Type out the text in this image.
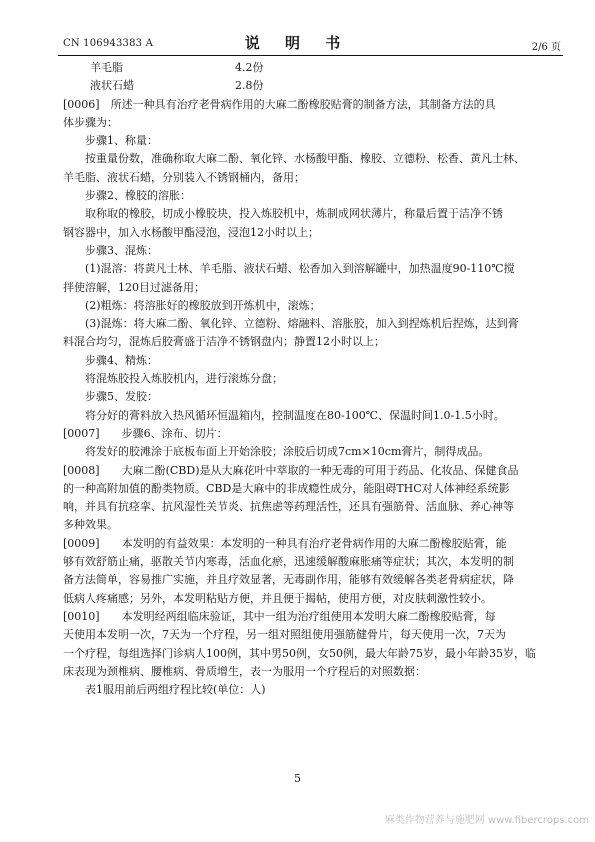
CN 106943383 A	说 明 书	2/6 页
羊毛脂	4.2份
液状石蜡	2.8份
[0006]　所述一种具有治疗老骨病作用的大麻二酚橡胶贴膏的制备方法，其制备方法的具
体步骤为：
　　步骤1、称量：
　　按重量份数，准确称取大麻二酚、氧化锌、水杨酸甲酯、橡胶、立德粉、松香、黄凡士林、
羊毛脂、液状石蜡，分别装入不锈钢桶内，备用；
　　步骤2、橡胶的溶胀：
　　取称取的橡胶，切成小橡胶块，投入炼胶机中，炼制成网状薄片，称量后置于洁净不锈
钢容器中，加入水杨酸甲酯浸泡，浸泡12小时以上；
　　步骤3、混炼：
　　(1)混溶：将黄凡士林、羊毛脂、液状石蜡、松香加入到溶解罐中，加热温度90-110℃搅
拌使溶解，120目过滤备用；
　　(2)粗炼：将溶胀好的橡胶放到开炼机中，滚炼；
　　(3)混炼：将大麻二酚、氧化锌、立德粉、熔融料、溶胀胶，加入到捏炼机后捏炼，达到膏
料混合均匀，混炼后胶膏盛于洁净不锈钢盘内；静置12小时以上；
　　步骤4、精炼：
　　将混炼胶投入炼胶机内，进行滚炼分盘；
　　步骤5、发胶：
　　将分好的膏料放入热风循环恒温箱内，控制温度在80-100℃、保温时间1.0-1.5小时。
[0007]　　步骤6、涂布、切片：
　　将发好的胶滩涂于底板布面上开始涂胶；涂胶后切成7cm×10cm膏片，制得成品。
[0008]　　大麻二酚(CBD)是从大麻花叶中萃取的一种无毒的可用于药品、化妆品、保健食品
的一种高附加值的酚类物质。CBD是大麻中的非成瘾性成分，能阻碍THC对人体神经系统影
响，并具有抗痉挛、抗风湿性关节炎、抗焦虑等药理活性，还具有强筋骨、活血脉、养心神等
多种效果。
[0009]　　本发明的有益效果：本发明的一种具有治疗老骨病作用的大麻二酚橡胶贴膏，能
够有效舒筋止痛，驱散关节内寒毒，活血化瘀，迅速缓解酸麻胀痛等症状；其次，本发明的制
备方法简单，容易推广实施，并且疗效显著，无毒副作用，能够有效缓解各类老骨病症状，降
低病人疼痛感；另外，本发明粘贴方便，并且便于揭帖，使用方便，对皮肤刺激性较小。
[0010]　　本发明经两组临床验证，其中一组为治疗组使用本发明大麻二酚橡胶贴膏，每
天使用本发明一次，7天为一个疗程，另一组对照组使用强筋健骨片，每天使用一次，7天为
一个疗程，每组选择门诊病人100例，其中男50例，女50例，最大年龄75岁，最小年龄35岁，临
床表现为颈椎病、腰椎病、骨质增生，表一为服用一个疗程后的对照数据：
　　表1服用前后两组疗程比较(单位：人)
5
麻类作物营养与施肥网 www.fibercrops.com
